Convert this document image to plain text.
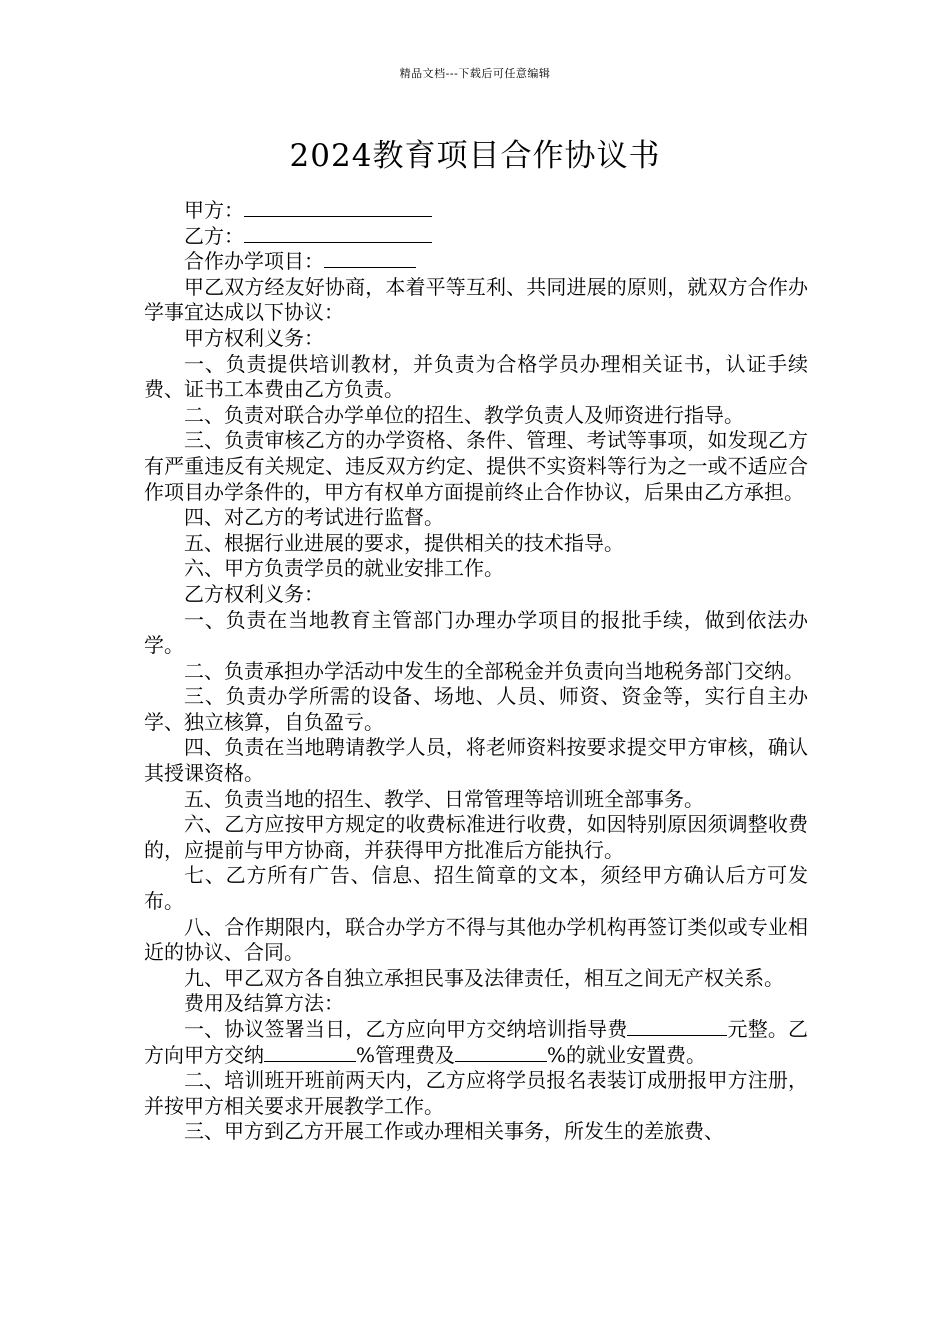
精品文档---下载后可任意编辑
2024教育项目合作协议书

甲方：

乙方：

合作办学项目：

甲乙双方经友好协商，本着平等互利、共同进展的原则，就双方合作办学事宜达成以下协议：

甲方权利义务：

一、负责提供培训教材，并负责为合格学员办理相关证书，认证手续费、证书工本费由乙方负责。

二、负责对联合办学单位的招生、教学负责人及师资进行指导。

三、负责审核乙方的办学资格、条件、管理、考试等事项，如发现乙方有严重违反有关规定、违反双方约定、提供不实资料等行为之一或不适应合作项目办学条件的，甲方有权单方面提前终止合作协议，后果由乙方承担。

四、对乙方的考试进行监督。

五、根据行业进展的要求，提供相关的技术指导。

六、甲方负责学员的就业安排工作。

乙方权利义务：

一、负责在当地教育主管部门办理办学项目的报批手续，做到依法办学。

二、负责承担办学活动中发生的全部税金并负责向当地税务部门交纳。

三、负责办学所需的设备、场地、人员、师资、资金等，实行自主办学、独立核算，自负盈亏。

四、负责在当地聘请教学人员，将老师资料按要求提交甲方审核，确认其授课资格。

五、负责当地的招生、教学、日常管理等培训班全部事务。

六、乙方应按甲方规定的收费标准进行收费，如因特别原因须调整收费的，应提前与甲方协商，并获得甲方批准后方能执行。

七、乙方所有广告、信息、招生简章的文本，须经甲方确认后方可发布。

八、合作期限内，联合办学方不得与其他办学机构再签订类似或专业相近的协议、合同。

九、甲乙双方各自独立承担民事及法律责任，相互之间无产权关系。

费用及结算方法：

一、协议签署当日，乙方应向甲方交纳培训指导费	元整。乙方向甲方交纳	%管理费及	%的就业安置费。

二、培训班开班前两天内，乙方应将学员报名表装订成册报甲方注册，并按甲方相关要求开展教学工作。

三、甲方到乙方开展工作或办理相关事务，所发生的差旅费、
